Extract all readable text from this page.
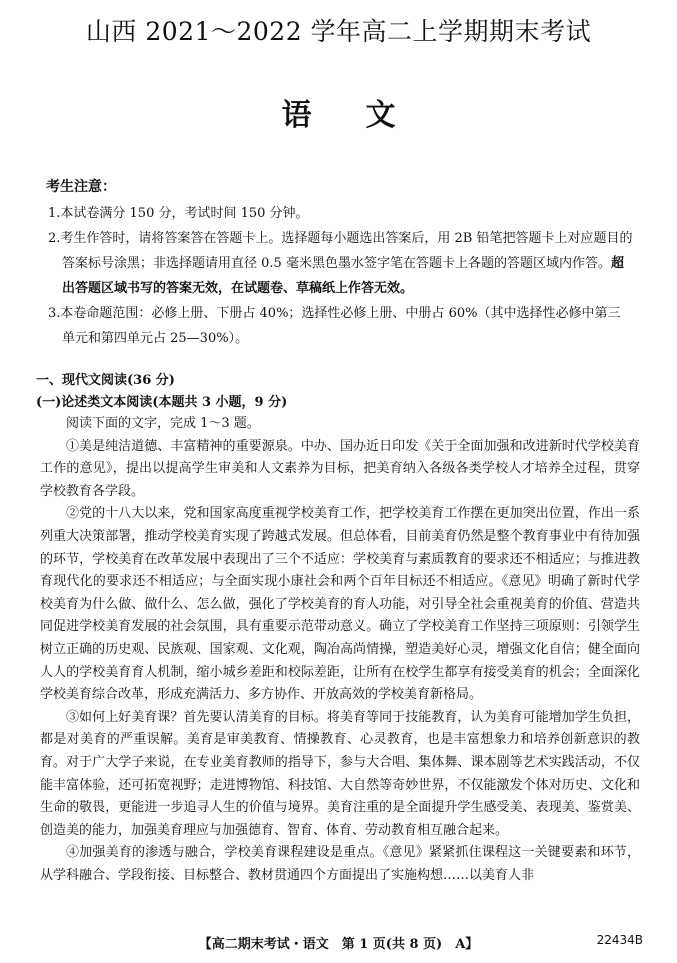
山西 2021～2022 学年高二上学期期末考试
语文
考生注意：

1.本试卷满分 150 分，考试时间 150 分钟。

2.考生作答时，请将答案答在答题卡上。选择题每小题选出答案后，用 2B 铅笔把答题卡上对应题目的答案标号涂黑；非选择题请用直径 0.5 毫米黑色墨水签字笔在答题卡上各题的答题区域内作答。超出答题区域书写的答案无效，在试题卷、草稿纸上作答无效。

3.本卷命题范围：必修上册、下册占 40%；选择性必修上册、中册占 60%（其中选择性必修中第三单元和第四单元占 25—30%）。

一、现代文阅读(36 分)
(一)论述类文本阅读(本题共 3 小题，9 分)

阅读下面的文字，完成 1～3 题。

①美是纯洁道德、丰富精神的重要源泉。中办、国办近日印发《关于全面加强和改进新时代学校美育工作的意见》，提出以提高学生审美和人文素养为目标，把美育纳入各级各类学校人才培养全过程，贯穿学校教育各学段。

②党的十八大以来，党和国家高度重视学校美育工作，把学校美育工作摆在更加突出位置，作出一系列重大决策部署，推动学校美育实现了跨越式发展。但总体看，目前美育仍然是整个教育事业中有待加强的环节，学校美育在改革发展中表现出了三个不适应：学校美育与素质教育的要求还不相适应；与推进教育现代化的要求还不相适应；与全面实现小康社会和两个百年目标还不相适应。《意见》明确了新时代学校美育为什么做、做什么、怎么做，强化了学校美育的育人功能，对引导全社会重视美育的价值、营造共同促进学校美育发展的社会氛围，具有重要示范带动意义。确立了学校美育工作坚持三项原则：引领学生树立正确的历史观、民族观、国家观、文化观，陶冶高尚情操，塑造美好心灵，增强文化自信；健全面向人人的学校美育育人机制，缩小城乡差距和校际差距，让所有在校学生都享有接受美育的机会；全面深化学校美育综合改革，形成充满活力、多方协作、开放高效的学校美育新格局。

③如何上好美育课？首先要认清美育的目标。将美育等同于技能教育，认为美育可能增加学生负担，都是对美育的严重误解。美育是审美教育、情操教育、心灵教育，也是丰富想象力和培养创新意识的教育。对于广大学子来说，在专业美育教师的指导下，参与大合唱、集体舞、课本剧等艺术实践活动，不仅能丰富体验，还可拓宽视野；走进博物馆、科技馆、大自然等奇妙世界，不仅能激发个体对历史、文化和生命的敬畏，更能进一步追寻人生的价值与境界。美育注重的是全面提升学生感受美、表现美、鉴赏美、创造美的能力，加强美育理应与加强德育、智育、体育、劳动教育相互融合起来。

④加强美育的渗透与融合，学校美育课程建设是重点。《意见》紧紧抓住课程这一关键要素和环节，从学科融合、学段衔接、目标整合、教材贯通四个方面提出了实施构想……以美育人非

【高二期末考试・语文　第 1 页(共 8 页)　A】	22434B
